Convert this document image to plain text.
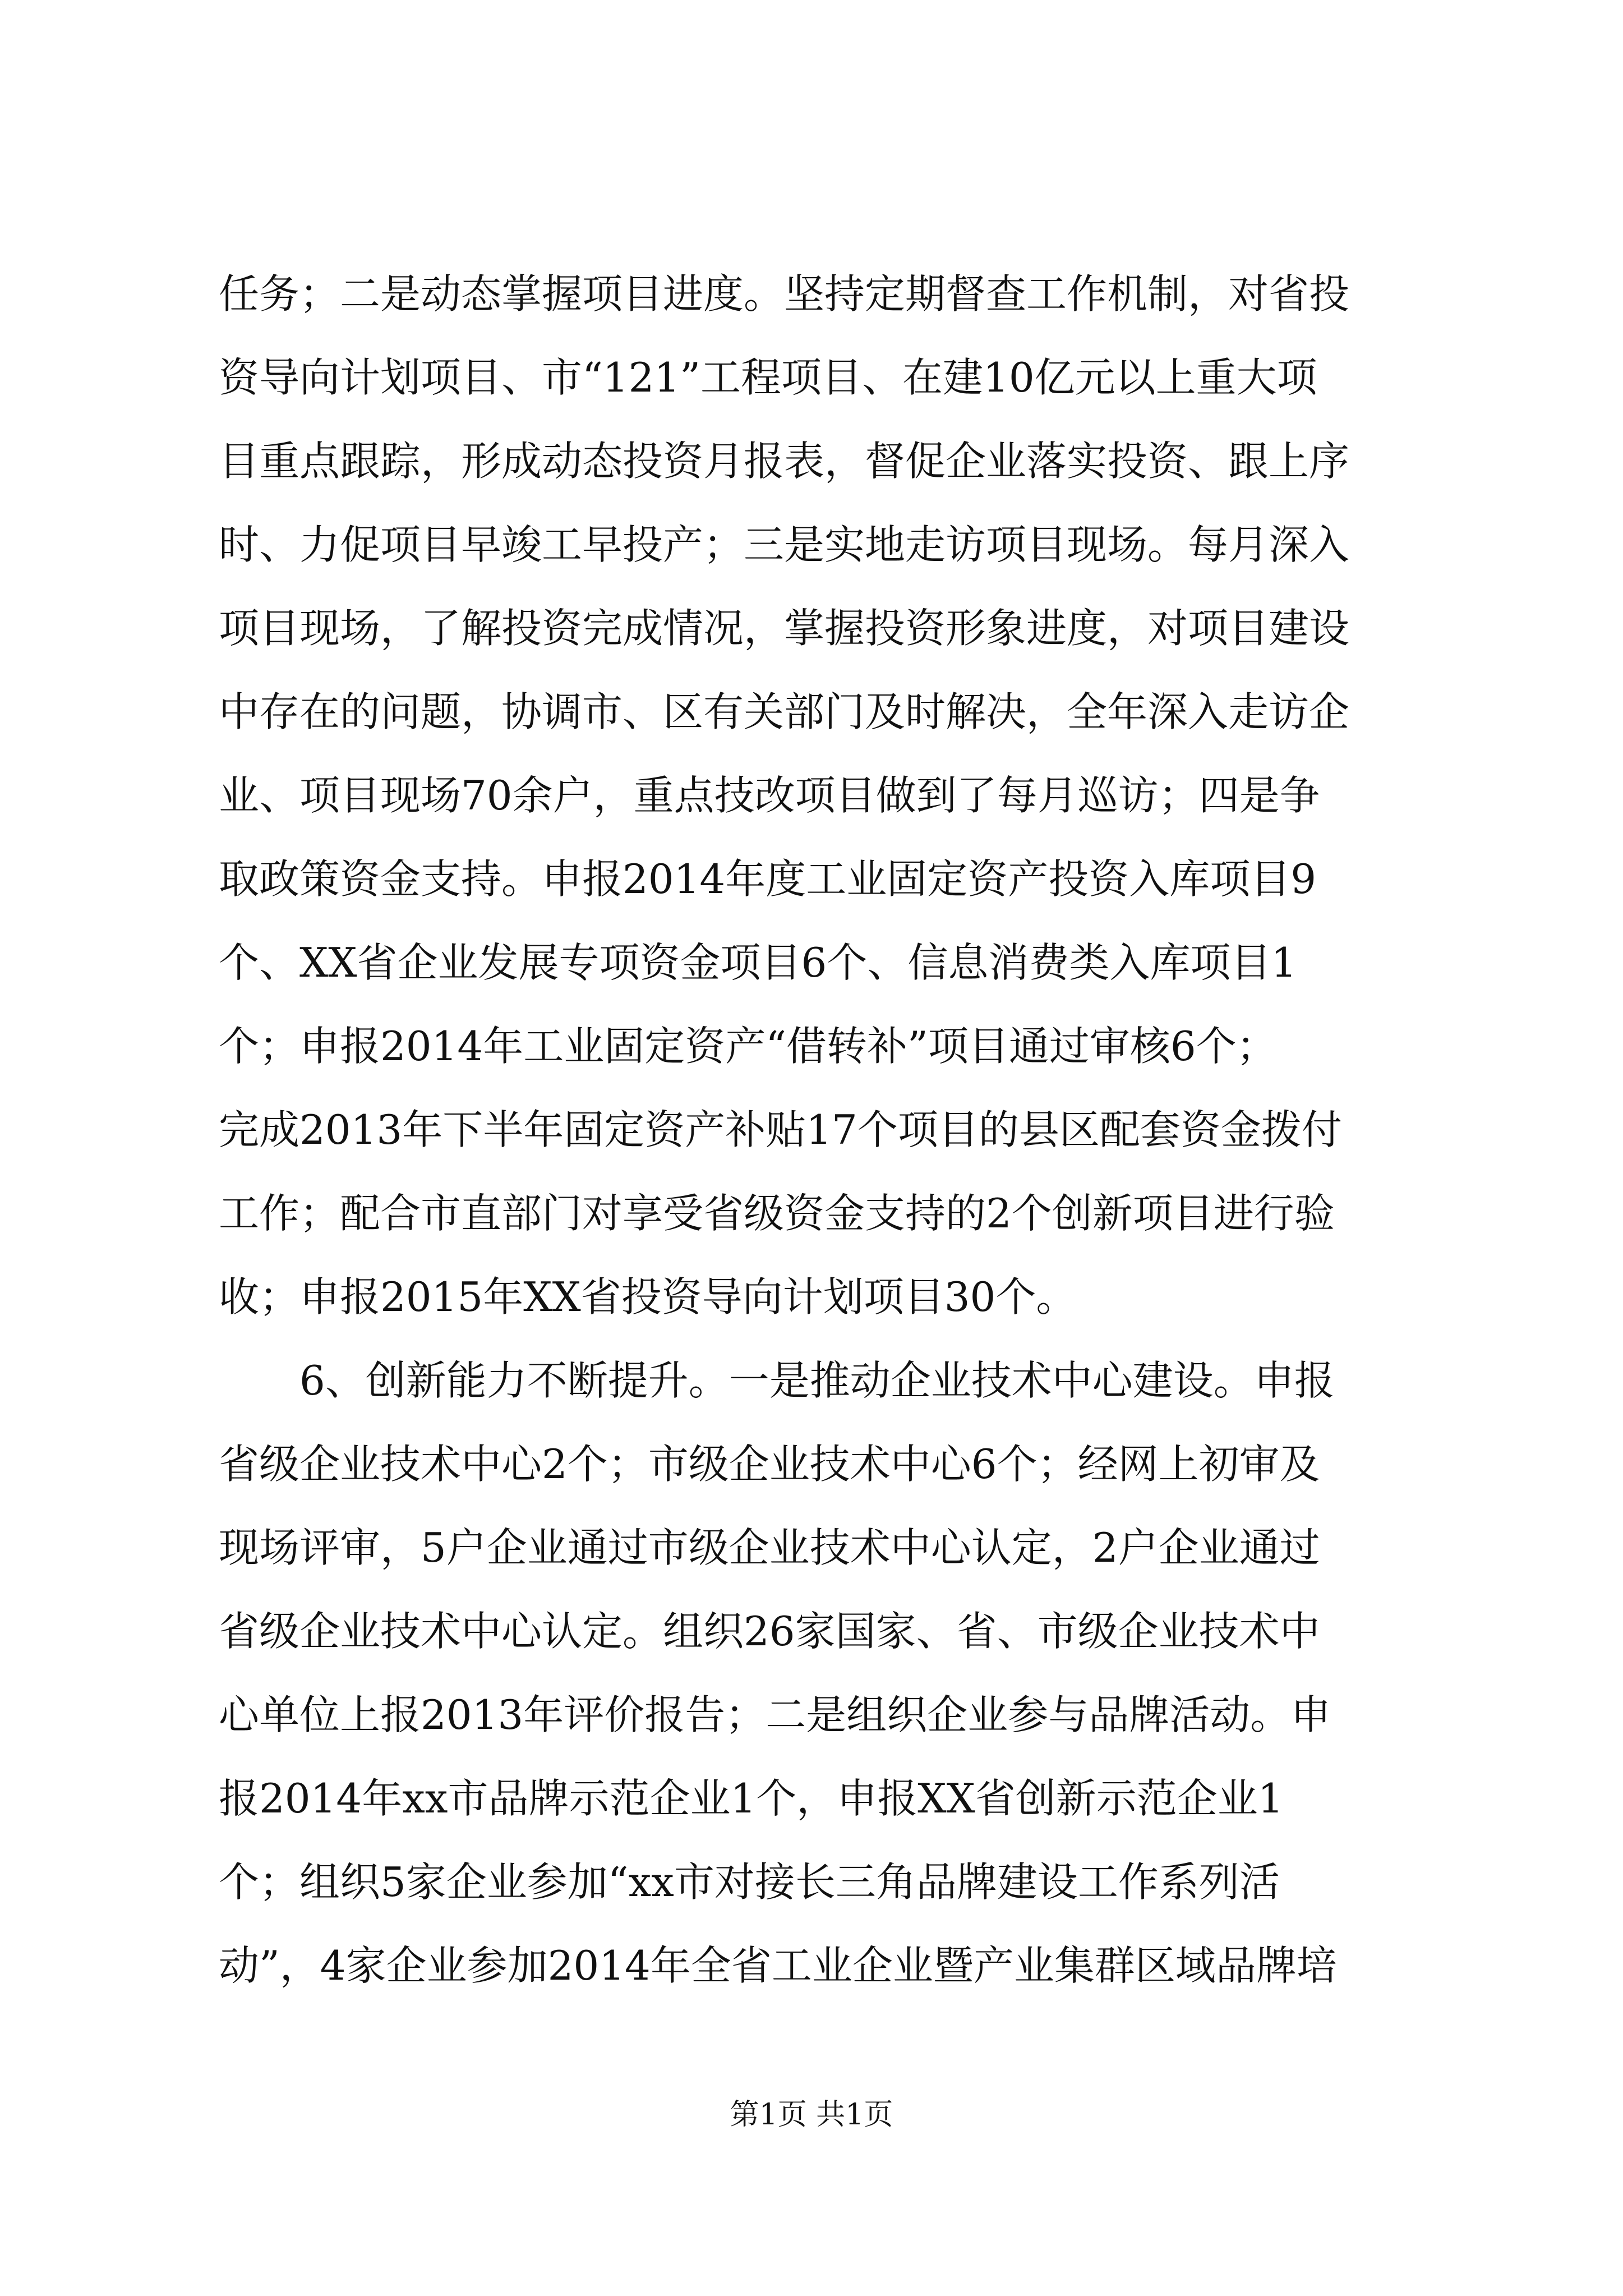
任务；二是动态掌握项目进度。坚持定期督查工作机制，对省投
资导向计划项目、市“121”工程项目、在建10亿元以上重大项
目重点跟踪，形成动态投资月报表，督促企业落实投资、跟上序
时、力促项目早竣工早投产；三是实地走访项目现场。每月深入
项目现场，了解投资完成情况，掌握投资形象进度，对项目建设
中存在的问题，协调市、区有关部门及时解决，全年深入走访企
业、项目现场70余户，重点技改项目做到了每月巡访；四是争
取政策资金支持。申报2014年度工业固定资产投资入库项目9
个、XX省企业发展专项资金项目6个、信息消费类入库项目1
个；申报2014年工业固定资产“借转补”项目通过审核6个；
完成2013年下半年固定资产补贴17个项目的县区配套资金拨付
工作；配合市直部门对享受省级资金支持的2个创新项目进行验
收；申报2015年XX省投资导向计划项目30个。
　　6、创新能力不断提升。一是推动企业技术中心建设。申报
省级企业技术中心2个；市级企业技术中心6个；经网上初审及
现场评审，5户企业通过市级企业技术中心认定，2户企业通过
省级企业技术中心认定。组织26家国家、省、市级企业技术中
心单位上报2013年评价报告；二是组织企业参与品牌活动。申
报2014年xx市品牌示范企业1个，申报XX省创新示范企业1
个；组织5家企业参加“xx市对接长三角品牌建设工作系列活
动”，4家企业参加2014年全省工业企业暨产业集群区域品牌培
第1页 共1页
